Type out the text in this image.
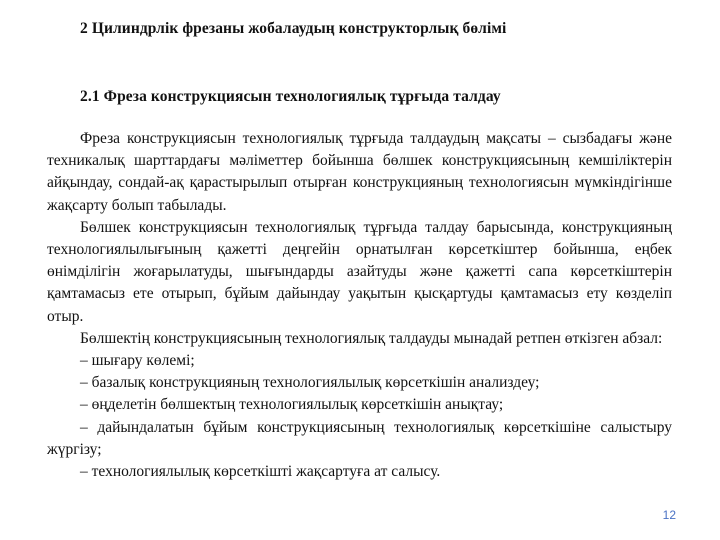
2 Цилиндрлік фрезаны жобалаудың конструкторлық бөлімі
2.1 Фреза конструкциясын технологиялық тұрғыда талдау

Фреза конструкциясын технологиялық тұрғыда талдаудың мақсаты – сызбадағы және техникалық шарттардағы мәліметтер бойынша бөлшек конструкциясының кемшіліктерін айқындау, сондай-ақ қарастырылып отырған конструкцияның технологиясын мүмкіндігінше жақсарту болып табылады.

Бөлшек конструкциясын технологиялық тұрғыда талдау барысында, конструкцияның технологиялылығының қажетті деңгейін орнатылған көрсеткіштер бойынша, еңбек өнімділігін жоғарылатуды, шығындарды азайтуды және қажетті сапа көрсеткіштерін қамтамасыз ете отырып, бұйым дайындау уақытын қысқартуды қамтамасыз ету көзделіп отыр.

Бөлшектің конструкциясының технологиялық талдауды мынадай ретпен өткізген абзал:

– шығару көлемі;

– базалық конструкцияның технологиялылық көрсеткішін анализдеу;

– өңделетін бөлшектың технологиялылық көрсеткішін анықтау;

– дайындалатын бұйым конструкциясының технологиялық көрсеткішіне салыстыру жүргізу;

– технологиялылық көрсеткішті жақсартуға ат салысу.

12
